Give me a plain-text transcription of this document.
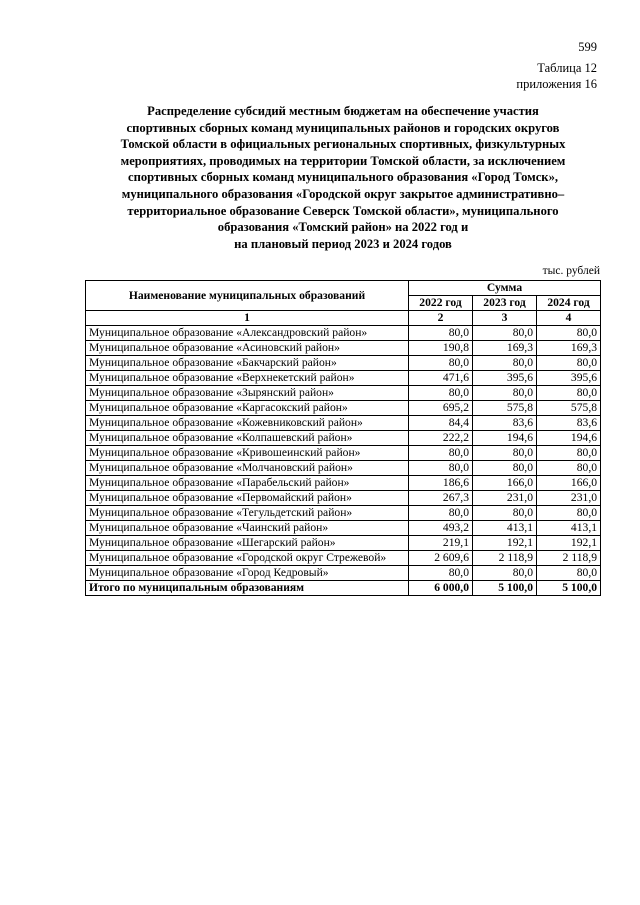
599
Таблица 12
приложения 16
Распределение субсидий местным бюджетам на обеспечение участия
спортивных сборных команд муниципальных районов и городских округов
Томской области в официальных региональных спортивных, физкультурных
мероприятиях, проводимых на территории Томской области, за исключением
спортивных сборных команд муниципального образования «Город Томск»,
муниципального образования «Городской округ закрытое административно–
территориальное образование Северск Томской области», муниципального
образования «Томский район» на 2022 год и
на плановый период 2023 и 2024 годов
тыс. рублей
Наименование муниципальных образований	Сумма		
	2022 год	2023 год	2024 год
1	2	3	4
Муниципальное образование «Александровский район»	80,0	80,0	80,0
Муниципальное образование «Асиновский район»	190,8	169,3	169,3
Муниципальное образование «Бакчарский район»	80,0	80,0	80,0
Муниципальное образование «Верхнекетский район»	471,6	395,6	395,6
Муниципальное образование «Зырянский район»	80,0	80,0	80,0
Муниципальное образование «Каргасокский район»	695,2	575,8	575,8
Муниципальное образование «Кожевниковский район»	84,4	83,6	83,6
Муниципальное образование «Колпашевский район»	222,2	194,6	194,6
Муниципальное образование «Кривошеинский район»	80,0	80,0	80,0
Муниципальное образование «Молчановский район»	80,0	80,0	80,0
Муниципальное образование «Парабельский район»	186,6	166,0	166,0
Муниципальное образование «Первомайский район»	267,3	231,0	231,0
Муниципальное образование «Тегульдетский район»	80,0	80,0	80,0
Муниципальное образование «Чаинский район»	493,2	413,1	413,1
Муниципальное образование «Шегарский район»	219,1	192,1	192,1
Муниципальное образование «Городской округ Стрежевой»	2 609,6	2 118,9	2 118,9
Муниципальное образование «Город Кедровый»	80,0	80,0	80,0
Итого по муниципальным образованиям	6 000,0	5 100,0	5 100,0
